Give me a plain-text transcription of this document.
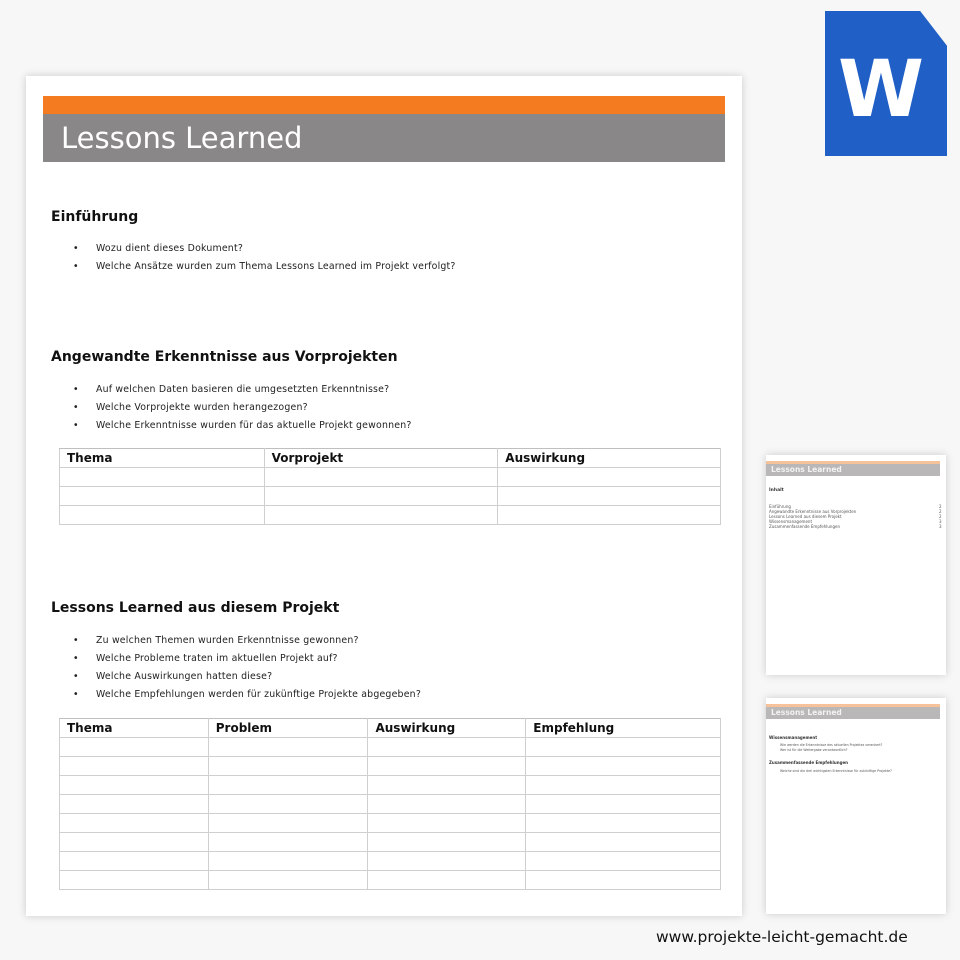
Lessons Learned
Einführung
• Wozu dient dieses Dokument?
• Welche Ansätze wurden zum Thema Lessons Learned im Projekt verfolgt?
Angewandte Erkenntnisse aus Vorprojekten
• Auf welchen Daten basieren die umgesetzten Erkenntnisse?
• Welche Vorprojekte wurden herangezogen?
• Welche Erkenntnisse wurden für das aktuelle Projekt gewonnen?
Thema	Vorprojekt	Auswirkung

Lessons Learned aus diesem Projekt
• Zu welchen Themen wurden Erkenntnisse gewonnen?
• Welche Probleme traten im aktuellen Projekt auf?
• Welche Auswirkungen hatten diese?
• Welche Empfehlungen werden für zukünftige Projekte abgegeben?
Thema	Problem	Auswirkung	Empfehlung

Lessons Learned
Inhalt
Einführung	2
Angewandte Erkenntnisse aus Vorprojekten	2
Lessons Learned aus diesem Projekt	2
Wissensmanagement	3
Zusammenfassende Empfehlungen	3
Lessons Learned
Wissensmanagement
Wie werden die Erkenntnisse des aktuellen Projektes verankert?
Wer ist für die Weitergabe verantwortlich?
Zusammenfassende Empfehlungen
Welche sind die drei wichtigsten Erkenntnisse für zukünftige Projekte?
W
www.projekte-leicht-gemacht.de
